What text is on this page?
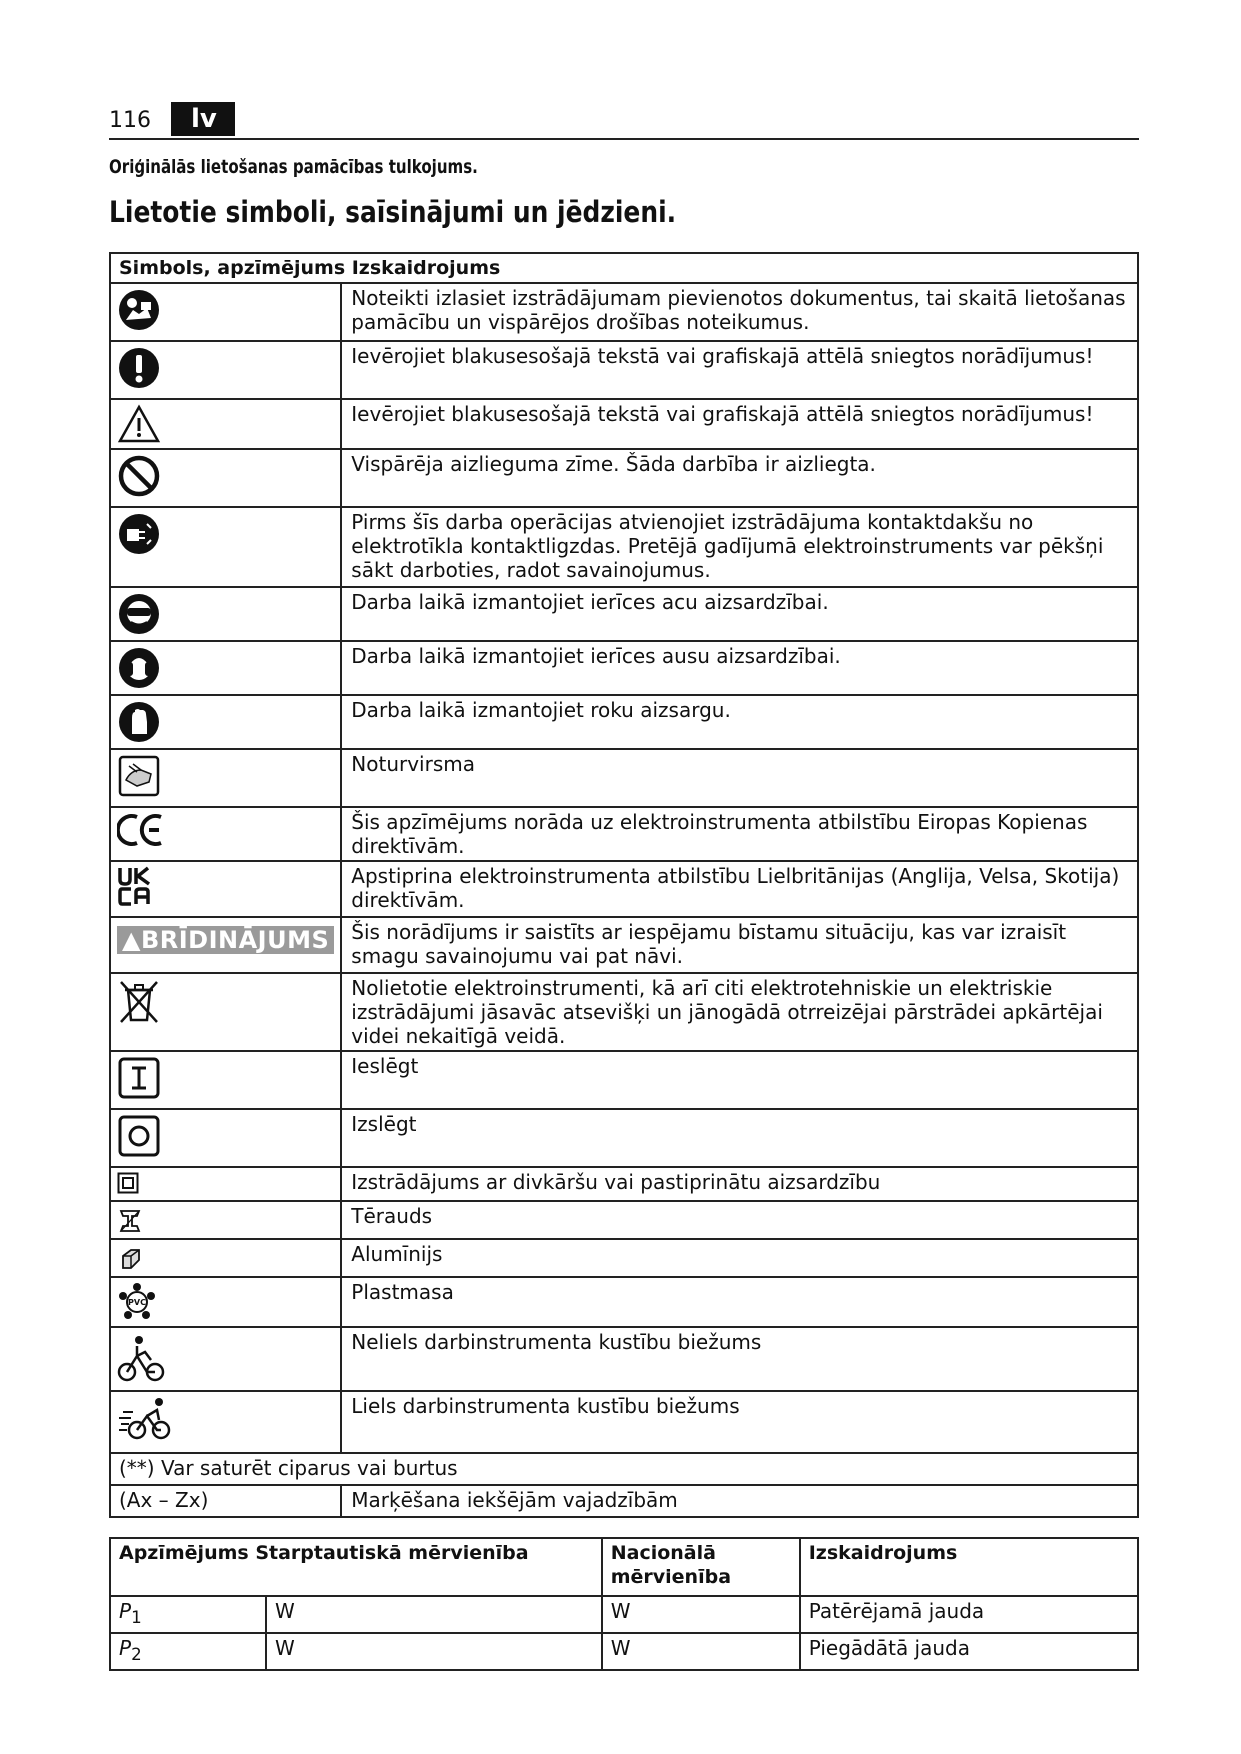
116	lv
Oriģinālās lietošanas pamācības tulkojums.
Lietotie simboli, saīsinājumi un jēdzieni.
Simbols, apzīmējums Izskaidrojums	

	Noteikti izlasiet izstrādājumam pievienotos dokumentus, tai skaitā lietošanas pamācību un vispārējos drošības noteikumus.

	Ievērojiet blakusesošajā tekstā vai grafiskajā attēlā sniegtos norādījumus!

	Ievērojiet blakusesošajā tekstā vai grafiskajā attēlā sniegtos norādījumus!

	Vispārēja aizlieguma zīme. Šāda darbība ir aizliegta.

	Pirms šīs darba operācijas atvienojiet izstrādājuma kontaktdakšu no elektrotīkla kontaktligzdas. Pretējā gadījumā elektroinstruments var pēkšņi sākt darboties, radot savainojumus.

	Darba laikā izmantojiet ierīces acu aizsardzībai.

	Darba laikā izmantojiet ierīces ausu aizsardzībai.

	Darba laikā izmantojiet roku aizsargu.

	Noturvirsma

	Šis apzīmējums norāda uz elektroinstrumenta atbilstību Eiropas Kopienas direktīvām.

	Apstiprina elektroinstrumenta atbilstību Lielbritānijas (Anglija, Velsa, Skotija) direktīvām.
▲BRĪDINĀJUMS	Šis norādījums ir saistīts ar iespējamu bīstamu situāciju, kas var izraisīt smagu savainojumu vai pat nāvi.

	Nolietotie elektroinstrumenti, kā arī citi elektrotehniskie un elektriskie izstrādājumi jāsavāc atsevišķi un jānogādā otrreizējai pārstrādei apkārtējai videi nekaitīgā veidā.

	Ieslēgt

	Izslēgt

	Izstrādājums ar divkāršu vai pastiprinātu aizsardzību

	Tērauds

	Alumīnijs

PVC	Plastmasa

	Neliels darbinstrumenta kustību biežums

	Liels darbinstrumenta kustību biežums
(**) Var saturēt ciparus vai burtus	
(Ax – Zx)	Marķēšana iekšējām vajadzībām
Apzīmējums Starptautiskā mērvienība		Nacionālā mērvienība	Izskaidrojums
$P_1$	W	W	Patērējamā jauda
$P_2$	W	W	Piegādātā jauda
